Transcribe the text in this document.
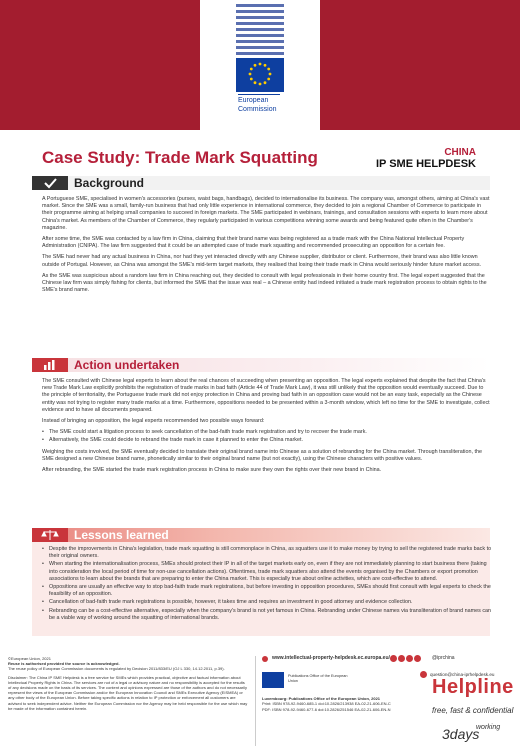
European
Commission
Case Study: Trade Mark Squatting	CHINA
IP SME HELPDESK
Background

A Portuguese SME, specialised in women's accessories (purses, waist bags, handbags), decided to internationalise its business. The company was, amongst others, aiming at China's vast market. Since the SME was a small, family-run business that had only little experience in international commerce, they decided to join a regional Chamber of Commerce to participate in their programme aiming at helping small companies to succeed in foreign markets. The SME participated in webinars, trainings, and consultation sessions with experts to learn more about China's market. As members of the Chamber of Commerce, they regularly participated in various competitions winning some awards and being featured quite often in the Chamber's magazine.

After some time, the SME was contacted by a law firm in China, claiming that their brand name was being registered as a trade mark with the China National Intellectual Property Administration (CNIPA). The law firm suggested that it could be an attempted case of trade mark squatting and recommended prosecuting an opposition for a certain fee.

The SME had never had any actual business in China, nor had they yet interacted directly with any Chinese supplier, distributor or client. Furthermore, their brand was also little known outside of Portugal. However, as China was amongst the SME's mid-term target markets, they realised that losing their trade mark in China would seriously hinder future market access.

As the SME was suspicious about a random law firm in China reaching out, they decided to consult with legal professionals in their home country first. The legal expert suggested that the Chinese law firm was simply fishing for clients, but informed the SME that the issue was real – a Chinese entity had indeed initiated a trade mark registration process to obtain rights to the SME's brand name.

Action undertaken

The SME consulted with Chinese legal experts to learn about the real chances of succeeding when presenting an opposition. The legal experts explained that despite the fact that China's new Trade Mark Law explicitly prohibits the registration of trade marks in bad faith (Article 44 of Trade Mark Law), it was still unlikely that the opposition would eventually succeed. Due to the principle of territoriality, the Portuguese trade mark did not enjoy protection in China and proving bad faith in an opposition case would not be an easy task, especially as the Chinese entity was not trying to register many trade marks at a time. Furthermore, oppositions needed to be presented within a 3-month window, which left no time for the SME to investigate, collect evidence and to have all documents prepared.

Instead of bringing an opposition, the legal experts recommended two possible ways forward:

• The SME could start a litigation process to seek cancellation of the bad-faith trade mark registration and try to recover the trade mark.
• Alternatively, the SME could decide to rebrand the trade mark in case it planned to enter the China market.

Weighing the costs involved, the SME eventually decided to translate their original brand name into Chinese as a solution of rebranding for the China market. Through transliteration, the SME designed a new Chinese brand name, phonetically similar to their original brand name (but not exactly), using the Chinese characters with positive values.

After rebranding, the SME started the trade mark registration process in China to make sure they own the rights over their new brand in China.

Lessons learned
• Despite the improvements in China's legislation, trade mark squatting is still commonplace in China, as squatters use it to make money by trying to sell the registered trade marks back to their original owners.
• When starting the internationalisation process, SMEs should protect their IP in all of the target markets early on, even if they are not immediately planning to start business there (taking into consideration the local period of time for non-use cancellation actions). Oftentimes, trade mark squatters also attend the events organised by the Chambers or export promotion associations to learn about the brands that are preparing to enter the China market. This is especially true about online activities, which are cost-effective to attend.
• Oppositions are usually an effective way to stop bad-faith trade mark registrations, but before investing in opposition procedures, SMEs should first consult with legal experts to check the feasibility of an opposition.
• Cancellation of bad-faith trade mark registrations is possible, however, it takes time and requires an investment in good attorney and evidence collection.
• Rebranding can be a cost-effective alternative, especially when the company's brand is not yet famous in China. Rebranding under Chinese names via transliteration of brand names can be a viable way of working around the squatting of international brands.
©European Union, 2021
Reuse is authorised provided the source is acknowledged.
The reuse policy of European Commission documents is regulated by Decision 2011/833/EU (OJ L 330, 14.12.2011, p.39).
Disclaimer: The China IP SME Helpdesk is a free service for SMEs which provides practical, objective and factual information about Intellectual Property Rights in China. The services are not of a legal or advisory nature and no responsibility is accepted for the results of any decisions made on the basis of its services. The content and opinions expressed are those of the authors and do not necessarily represent the views of the European Commission and/or the European Innovation Council and SMEs Executive Agency (EISMEA) or any other body of the European Union. Before taking specific actions in relation to IP protection or enforcement all customers are advised to seek independent advice. Neither the European Commission nor the Agency may be held responsible for the use which may be made of the information contained herein.
www.intellectual-property-helpdesk.ec.europa.eu/	@iprchina
question@china-iprhelpdesk.eu
Publications Office of the European Union
Luxembourg: Publications Office of the European Union, 2021
Print: ISBN 978-92-9460-685-1 doi:10.2826/213938 EA-02-21-606-EN-C
PDF: ISBN 978-92-9460-677-6 doi:10.2826/251546 EA-02-21-606-EN-N
Helpline
free, fast & confidential
working
3days
